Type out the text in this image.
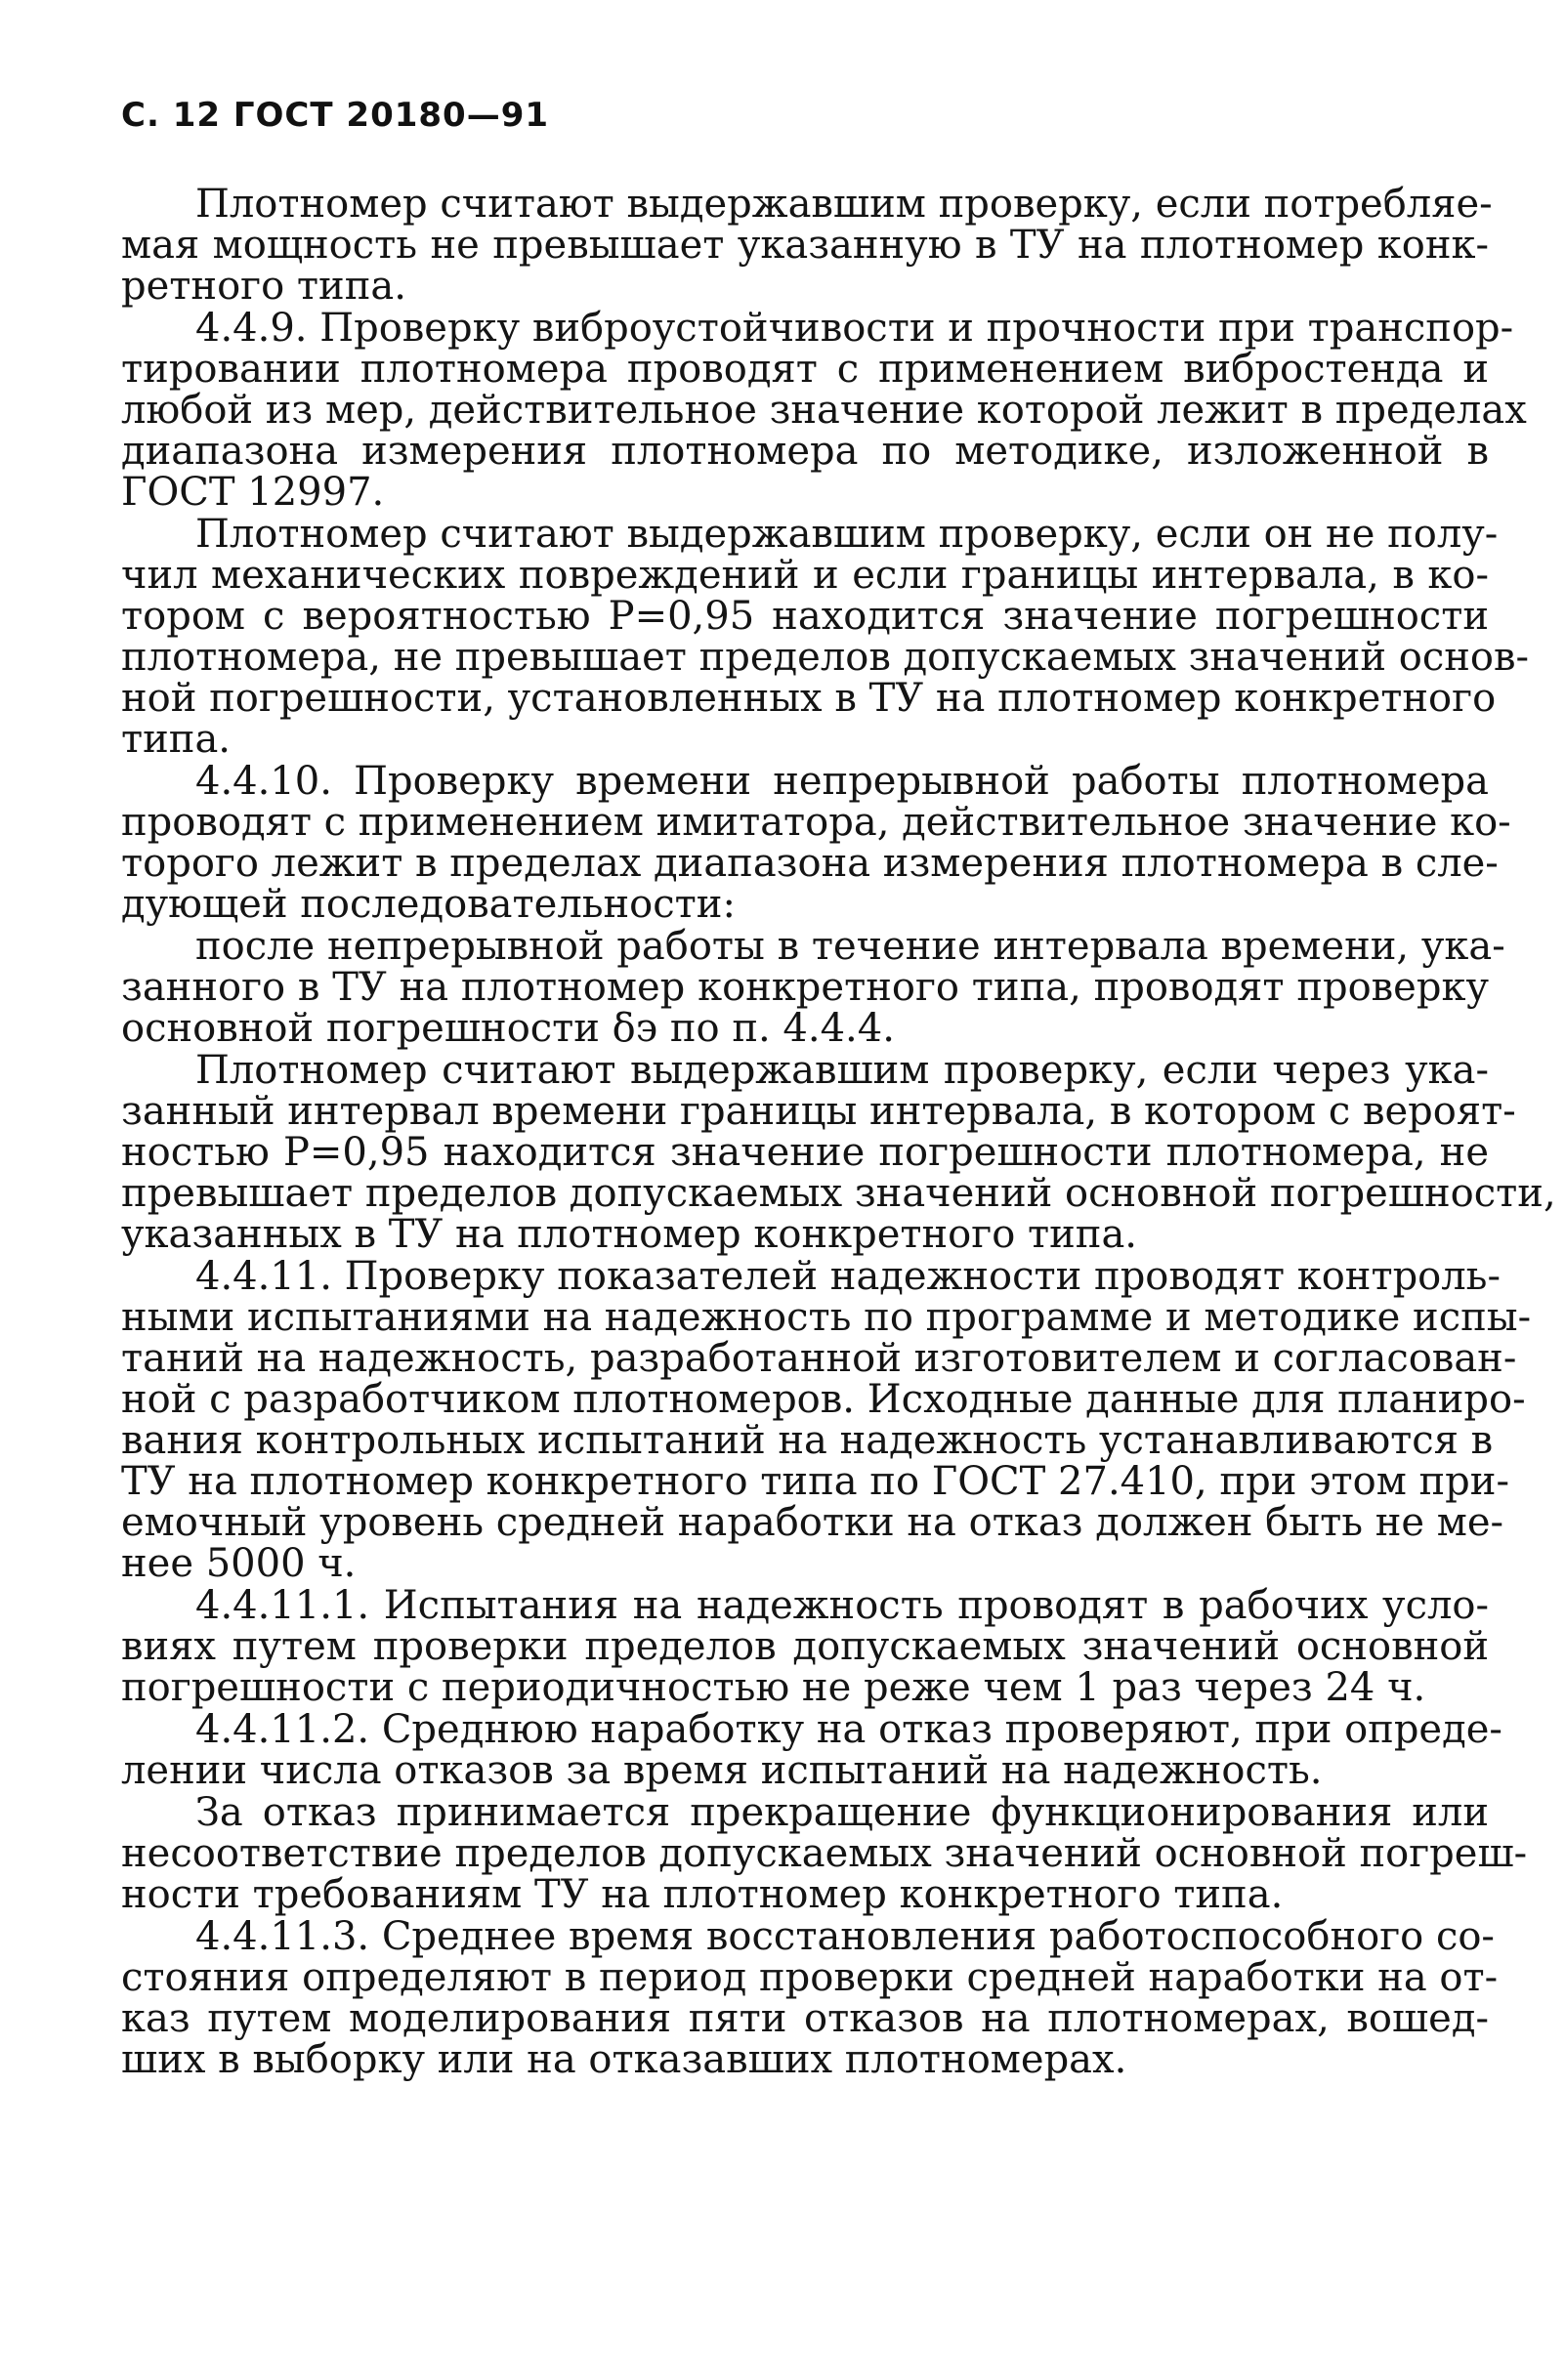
С. 12 ГОСТ 20180—91
Плотномер считают выдержавшим проверку, если потребляе-
мая мощность не превышает указанную в ТУ на плотномер конк-
ретного типа.
4.4.9. Проверку виброустойчивости и прочности при транспор-
тировании плотномера проводят с применением вибростенда и
любой из мер, действительное значение которой лежит в пределах
диапазона измерения плотномера по методике, изложенной в
ГОСТ 12997.
Плотномер считают выдержавшим проверку, если он не полу-
чил механических повреждений и если границы интервала, в ко-
тором с вероятностью Р=0,95 находится значение погрешности
плотномера, не превышает пределов допускаемых значений основ-
ной погрешности, установленных в ТУ на плотномер конкретного
типа.
4.4.10. Проверку времени непрерывной работы плотномера
проводят с применением имитатора, действительное значение ко-
торого лежит в пределах диапазона измерения плотномера в сле-
дующей последовательности:
после непрерывной работы в течение интервала времени, ука-
занного в ТУ на плотномер конкретного типа, проводят проверку
основной погрешности δэ по п. 4.4.4.
Плотномер считают выдержавшим проверку, если через ука-
занный интервал времени границы интервала, в котором с вероят-
ностью Р=0,95 находится значение погрешности плотномера, не
превышает пределов допускаемых значений основной погрешности,
указанных в ТУ на плотномер конкретного типа.
4.4.11. Проверку показателей надежности проводят контроль-
ными испытаниями на надежность по программе и методике испы-
таний на надежность, разработанной изготовителем и согласован-
ной с разработчиком плотномеров. Исходные данные для планиро-
вания контрольных испытаний на надежность устанавливаются в
ТУ на плотномер конкретного типа по ГОСТ 27.410, при этом при-
емочный уровень средней наработки на отказ должен быть не ме-
нее 5000 ч.
4.4.11.1. Испытания на надежность проводят в рабочих усло-
виях путем проверки пределов допускаемых значений основной
погрешности с периодичностью не реже чем 1 раз через 24 ч.
4.4.11.2. Среднюю наработку на отказ проверяют, при опреде-
лении числа отказов за время испытаний на надежность.
За отказ принимается прекращение функционирования или
несоответствие пределов допускаемых значений основной погреш-
ности требованиям ТУ на плотномер конкретного типа.
4.4.11.3. Среднее время восстановления работоспособного со-
стояния определяют в период проверки средней наработки на от-
каз путем моделирования пяти отказов на плотномерах, вошед-
ших в выборку или на отказавших плотномерах.
